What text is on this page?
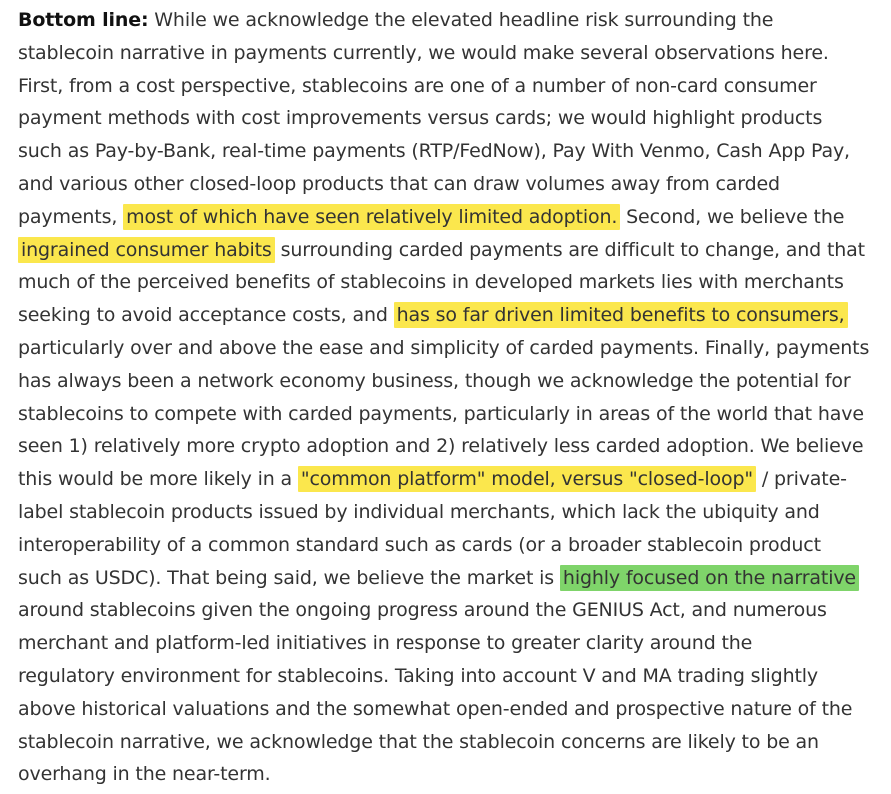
Bottom line: While we acknowledge the elevated headline risk surrounding the
stablecoin narrative in payments currently, we would make several observations here.
First, from a cost perspective, stablecoins are one of a number of non-card consumer
payment methods with cost improvements versus cards; we would highlight products
such as Pay-by-Bank, real-time payments (RTP/FedNow), Pay With Venmo, Cash App Pay,
and various other closed-loop products that can draw volumes away from carded
payments, most of which have seen relatively limited adoption. Second, we believe the
ingrained consumer habits surrounding carded payments are difficult to change, and that
much of the perceived benefits of stablecoins in developed markets lies with merchants
seeking to avoid acceptance costs, and has so far driven limited benefits to consumers,
particularly over and above the ease and simplicity of carded payments. Finally, payments
has always been a network economy business, though we acknowledge the potential for
stablecoins to compete with carded payments, particularly in areas of the world that have
seen 1) relatively more crypto adoption and 2) relatively less carded adoption. We believe
this would be more likely in a "common platform" model, versus "closed-loop" / private-
label stablecoin products issued by individual merchants, which lack the ubiquity and
interoperability of a common standard such as cards (or a broader stablecoin product
such as USDC). That being said, we believe the market is highly focused on the narrative
around stablecoins given the ongoing progress around the GENIUS Act, and numerous
merchant and platform-led initiatives in response to greater clarity around the
regulatory environment for stablecoins. Taking into account V and MA trading slightly
above historical valuations and the somewhat open-ended and prospective nature of the
stablecoin narrative, we acknowledge that the stablecoin concerns are likely to be an
overhang in the near-term.
